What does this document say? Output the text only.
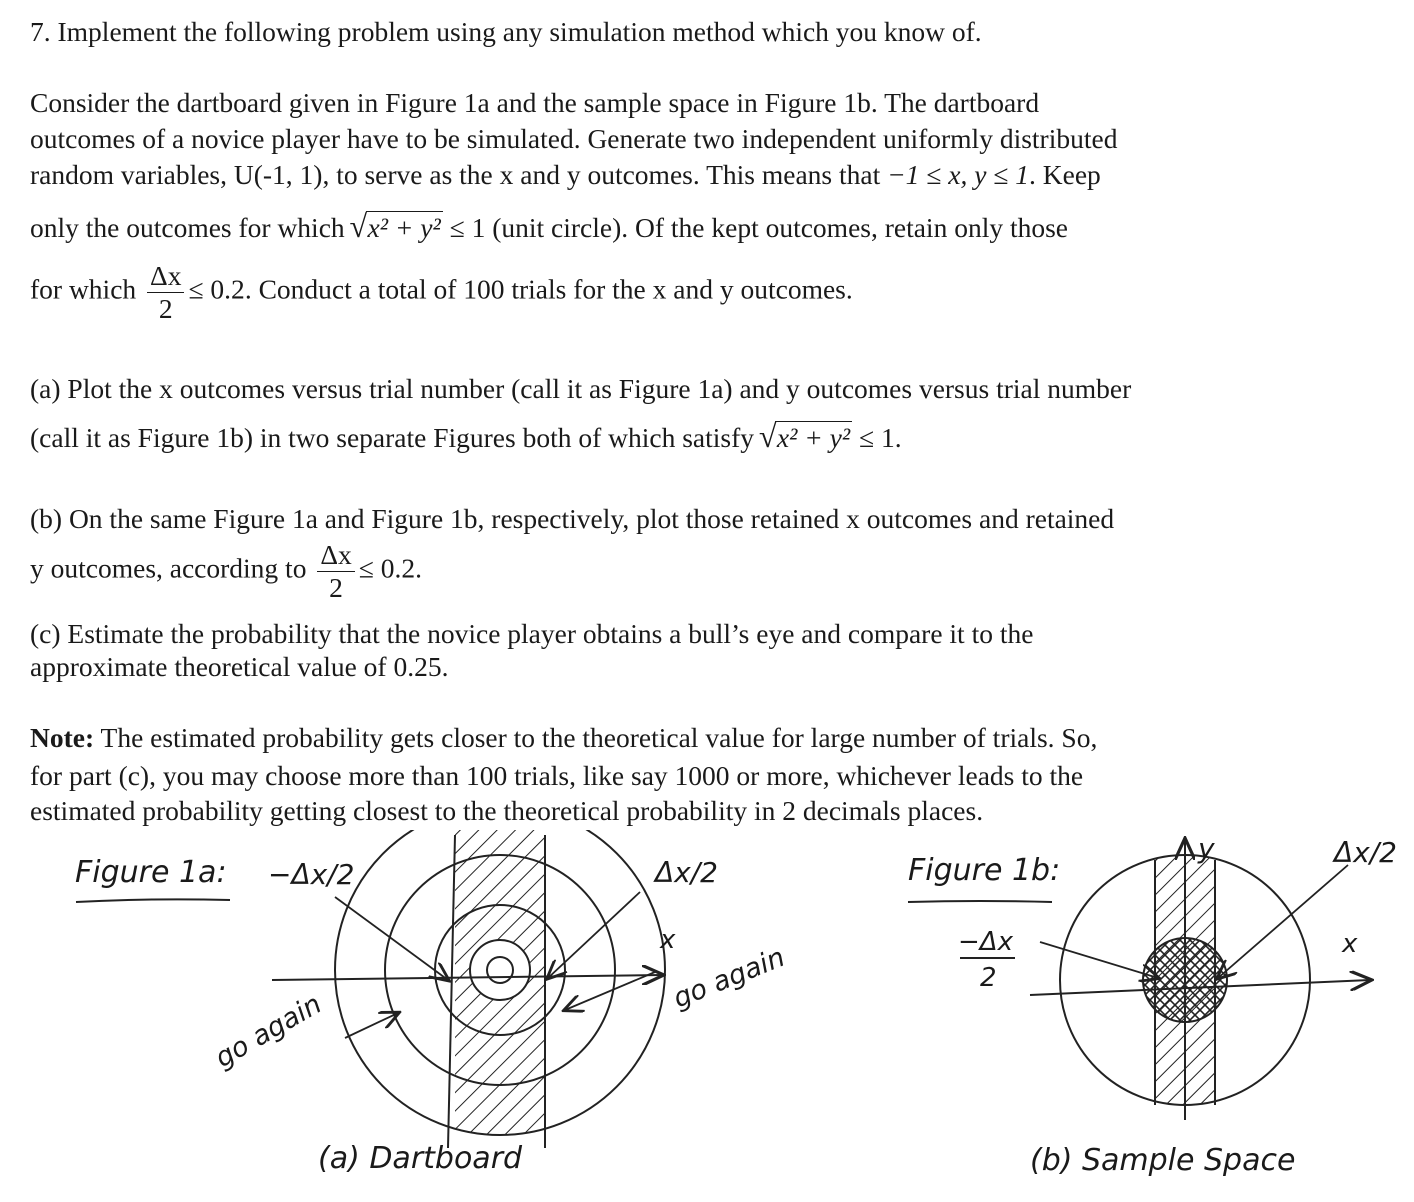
7. Implement the following problem using any simulation method which you know of.
Consider the dartboard given in Figure 1a and the sample space in Figure 1b. The dartboard
outcomes of a novice player have to be simulated. Generate two independent uniformly distributed
random variables, U(-1, 1), to serve as the x and y outcomes. This means that −1 ≤ x, y ≤ 1. Keep
only the outcomes for which √ x² + y² ≤ 1 (unit circle). Of the kept outcomes, retain only those
for which $\frac{\Delta x}{2} \le 0.2$. Conduct a total of 100 trials for the x and y outcomes.
(a) Plot the x outcomes versus trial number (call it as Figure 1a) and y outcomes versus trial number
(call it as Figure 1b) in two separate Figures both of which satisfy √ x² + y² ≤ 1.
(b) On the same Figure 1a and Figure 1b, respectively, plot those retained x outcomes and retained
y outcomes, according to $\frac{\Delta x}{2} \le 0.2$.
(c) Estimate the probability that the novice player obtains a bull’s eye and compare it to the
approximate theoretical value of 0.25.
Note: The estimated probability gets closer to the theoretical value for large number of trials. So,
for part (c), you may choose more than 100 trials, like say 1000 or more, whichever leads to the
estimated probability getting closest to the theoretical probability in 2 decimals places.
Figure 1a: −Δx/2	Δx/2
x
go again
go again
(a) Dartboard
Figure 1b:
−Δx
2
Δx/2
y
x
(b) Sample Space
